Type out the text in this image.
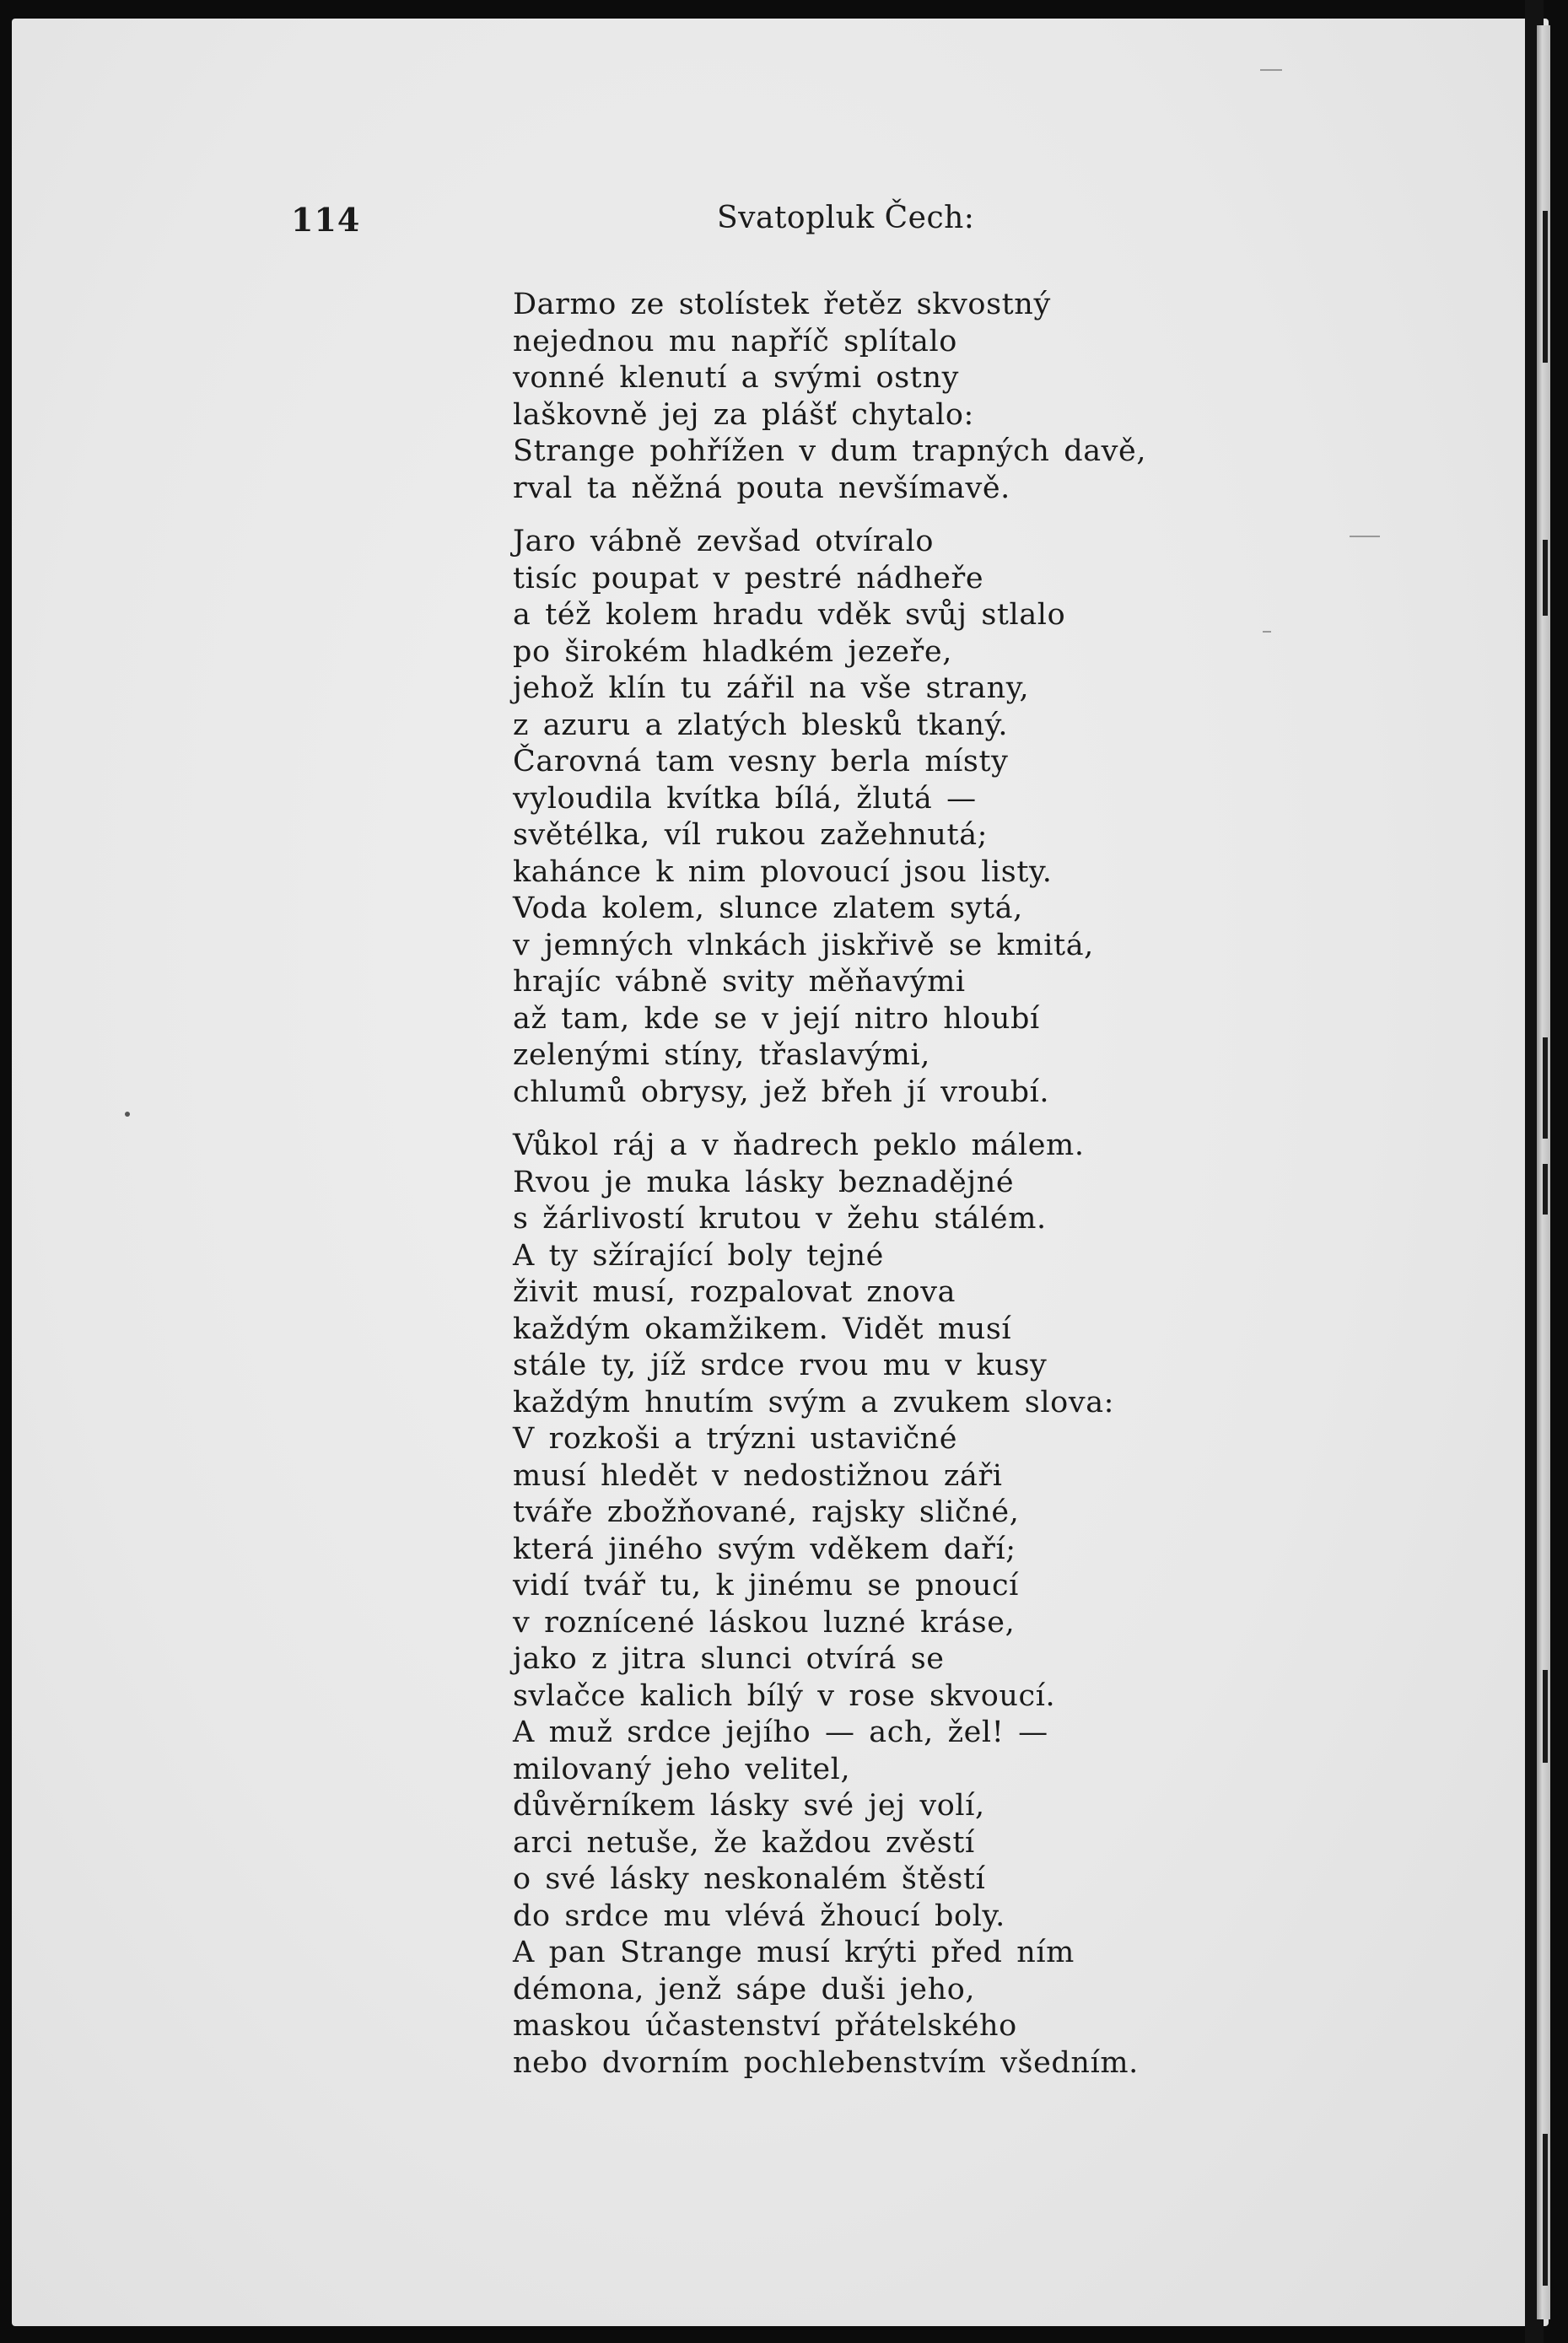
114	Svatopluk Čech:
Darmo ze stolístek řetěz skvostný
nejednou mu napříč splítalo
vonné klenutí a svými ostny
laškovně jej za plášť chytalo:
Strange pohřížen v dum trapných davě,
rval ta něžná pouta nevšímavě.
Jaro vábně zevšad otvíralo
tisíc poupat v pestré nádheře
a též kolem hradu vděk svůj stlalo
po širokém hladkém jezeře,
jehož klín tu zářil na vše strany,
z azuru a zlatých blesků tkaný.
Čarovná tam vesny berla místy
vyloudila kvítka bílá, žlutá —
světélka, víl rukou zažehnutá;
kahánce k nim plovoucí jsou listy.
Voda kolem, slunce zlatem sytá,
v jemných vlnkách jiskřivě se kmitá,
hrajíc vábně svity měňavými
až tam, kde se v její nitro hloubí
zelenými stíny, třaslavými,
chlumů obrysy, jež břeh jí vroubí.
Vůkol ráj a v ňadrech peklo málem.
Rvou je muka lásky beznadějné
s žárlivostí krutou v žehu stálém.
A ty sžírající boly tejné
živit musí, rozpalovat znova
každým okamžikem. Vidět musí
stále ty, jíž srdce rvou mu v kusy
každým hnutím svým a zvukem slova:
V rozkoši a trýzni ustavičné
musí hledět v nedostižnou záři
tváře zbožňované, rajsky sličné,
která jiného svým vděkem daří;
vidí tvář tu, k jinému se pnoucí
v roznícené láskou luzné kráse,
jako z jitra slunci otvírá se
svlačce kalich bílý v rose skvoucí.
A muž srdce jejího — ach, žel! —
milovaný jeho velitel,
důvěrníkem lásky své jej volí,
arci netuše, že každou zvěstí
o své lásky neskonalém štěstí
do srdce mu vlévá žhoucí boly.
A pan Strange musí krýti před ním
démona, jenž sápe duši jeho,
maskou účastenství přátelského
nebo dvorním pochlebenstvím všedním.
